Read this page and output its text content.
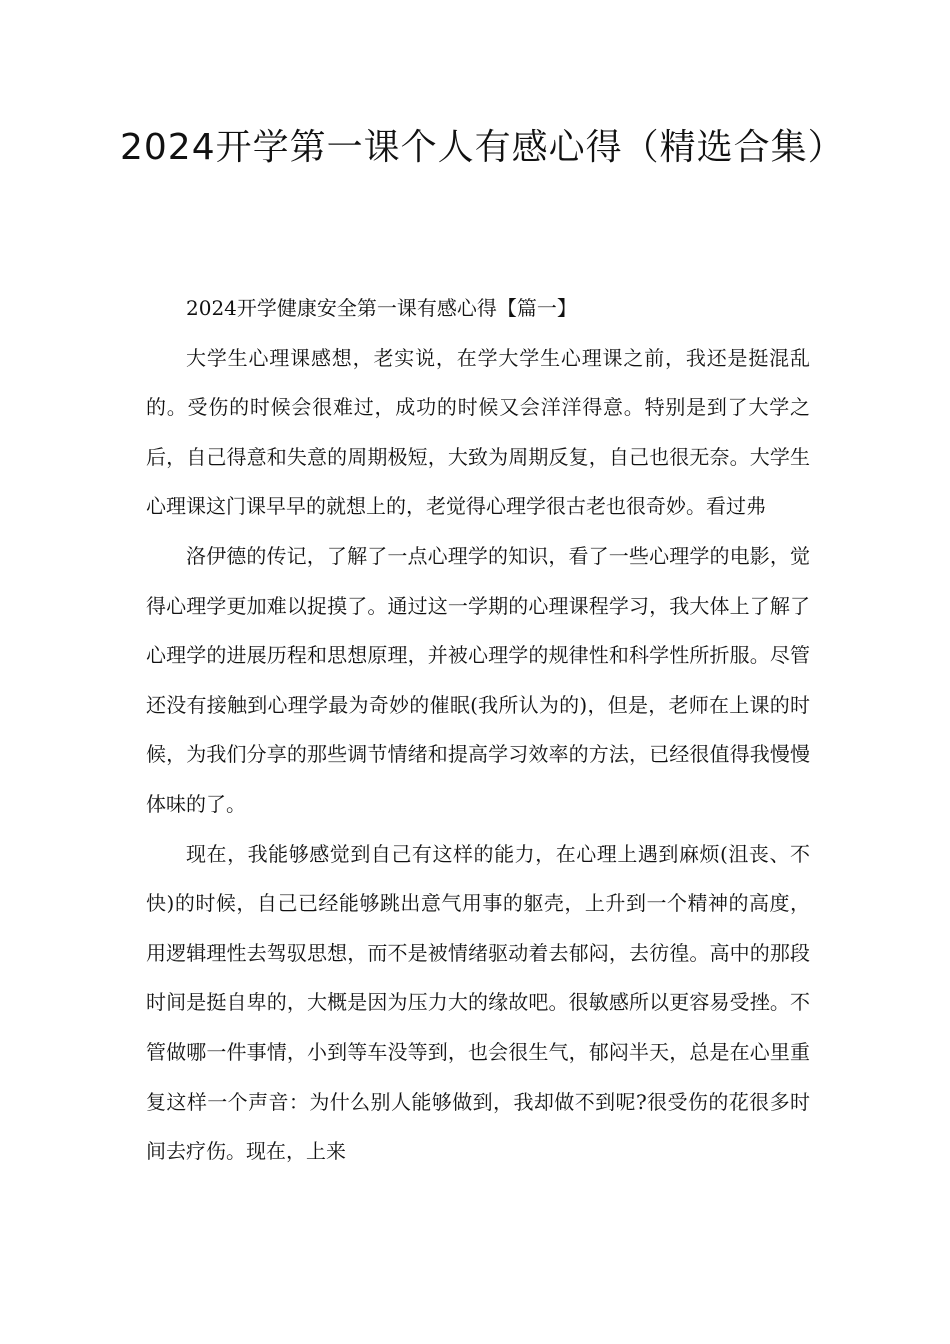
2024开学第一课个人有感心得（精选合集）

2024开学健康安全第一课有感心得【篇一】

大学生心理课感想，老实说，在学大学生心理课之前，我还是挺混乱的。受伤的时候会很难过，成功的时候又会洋洋得意。特别是到了大学之后，自己得意和失意的周期极短，大致为周期反复，自己也很无奈。大学生心理课这门课早早的就想上的，老觉得心理学很古老也很奇妙。看过弗

洛伊德的传记，了解了一点心理学的知识，看了一些心理学的电影，觉得心理学更加难以捉摸了。通过这一学期的心理课程学习，我大体上了解了心理学的进展历程和思想原理，并被心理学的规律性和科学性所折服。尽管还没有接触到心理学最为奇妙的催眠(我所认为的)，但是，老师在上课的时候，为我们分享的那些调节情绪和提高学习效率的方法，已经很值得我慢慢体味的了。

现在，我能够感觉到自己有这样的能力，在心理上遇到麻烦(沮丧、不快)的时候，自己已经能够跳出意气用事的躯壳，上升到一个精神的高度，用逻辑理性去驾驭思想，而不是被情绪驱动着去郁闷，去彷徨。高中的那段时间是挺自卑的，大概是因为压力大的缘故吧。很敏感所以更容易受挫。不管做哪一件事情，小到等车没等到，也会很生气，郁闷半天，总是在心里重复这样一个声音：为什么别人能够做到，我却做不到呢?很受伤的花很多时间去疗伤。现在，上来
